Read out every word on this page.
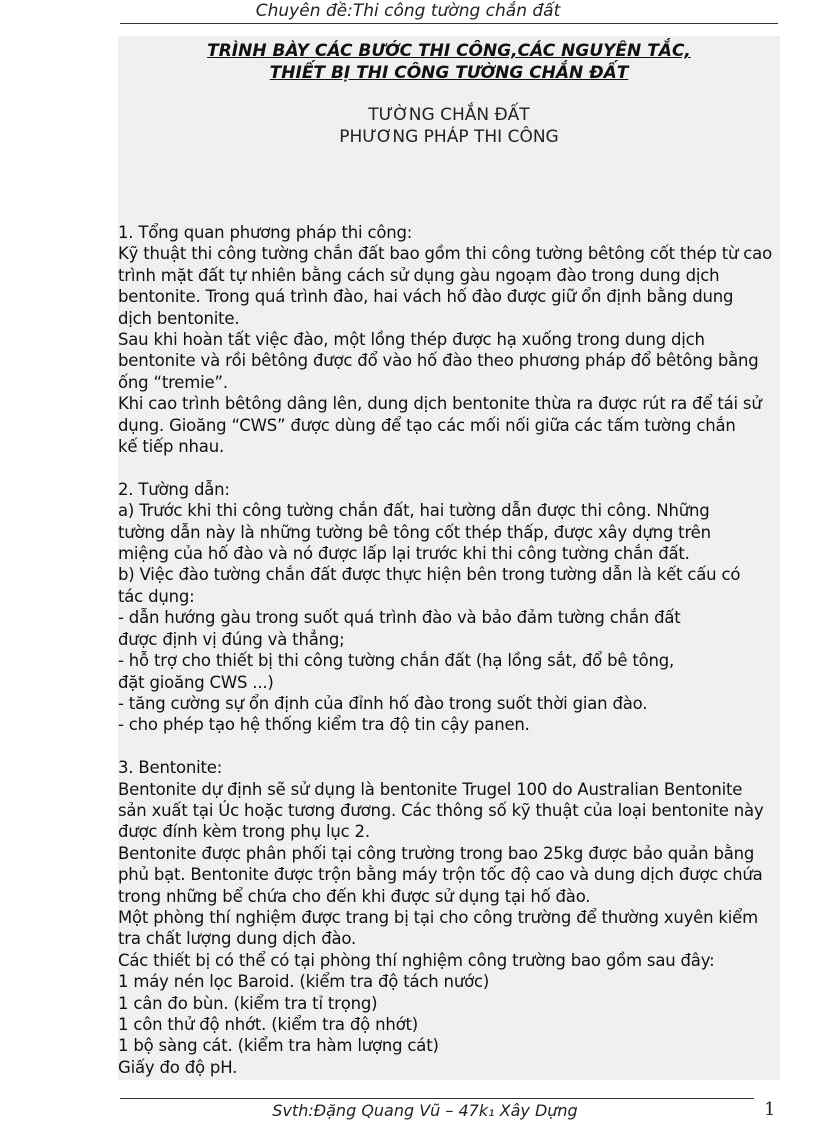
Chuyên đề:Thi công tường chắn đất
TRÌNH BÀY CÁC BƯỚC THI CÔNG,CÁC NGUYÊN TẮC,
THIẾT BỊ THI CÔNG TƯỜNG CHẮN ĐẤT
TƯỜNG CHẮN ĐẤT
PHƯƠNG PHÁP THI CÔNG
1. Tổng quan phương pháp thi công:
Kỹ thuật thi công tường chắn đất bao gồm thi công tường bêtông cốt thép từ cao
trình mặt đất tự nhiên bằng cách sử dụng gàu ngoạm đào trong dung dịch
bentonite. Trong quá trình đào, hai vách hố đào được giữ ổn định bằng dung
dịch bentonite.
Sau khi hoàn tất việc đào, một lồng thép được hạ xuống trong dung dịch
bentonite và rồi bêtông được đổ vào hố đào theo phương pháp đổ bêtông bằng
ống “tremie”.
Khi cao trình bêtông dâng lên, dung dịch bentonite thừa ra được rút ra để tái sử
dụng. Gioăng “CWS” được dùng để tạo các mối nối giữa các tấm tường chắn
kế tiếp nhau.
2. Tường dẫn:
a) Trước khi thi công tường chắn đất, hai tường dẫn được thi công. Những
tường dẫn này là những tường bê tông cốt thép thấp, được xây dựng trên
miệng của hố đào và nó được lấp lại trước khi thi công tường chắn đất.
b) Việc đào tường chắn đất được thực hiện bên trong tường dẫn là kết cấu có
tác dụng:
- dẫn hướng gàu trong suốt quá trình đào và bảo đảm tường chắn đất
được định vị đúng và thẳng;
- hỗ trợ cho thiết bị thi công tường chắn đất (hạ lồng sắt, đổ bê tông,
đặt gioăng CWS ...)
- tăng cường sự ổn định của đỉnh hố đào trong suốt thời gian đào.
- cho phép tạo hệ thống kiểm tra độ tin cậy panen.
3. Bentonite:
Bentonite dự định sẽ sử dụng là bentonite Trugel 100 do Australian Bentonite
sản xuất tại Úc hoặc tương đương. Các thông số kỹ thuật của loại bentonite này
được đính kèm trong phụ lục 2.
Bentonite được phân phối tại công trường trong bao 25kg được bảo quản bằng
phủ bạt. Bentonite được trộn bằng máy trộn tốc độ cao và dung dịch được chứa
trong những bể chứa cho đến khi được sử dụng tại hố đào.
Một phòng thí nghiệm được trang bị tại cho công trường để thường xuyên kiểm
tra chất lượng dung dịch đào.
Các thiết bị có thể có tại phòng thí nghiệm công trường bao gồm sau đây:
1 máy nén lọc Baroid. (kiểm tra độ tách nước)
1 cân đo bùn. (kiểm tra tỉ trọng)
1 côn thử độ nhớt. (kiểm tra độ nhớt)
1 bộ sàng cát. (kiểm tra hàm lượng cát)
Giấy đo độ pH.
Svth:Đặng Quang Vũ – 47k₁ Xây Dựng	1
